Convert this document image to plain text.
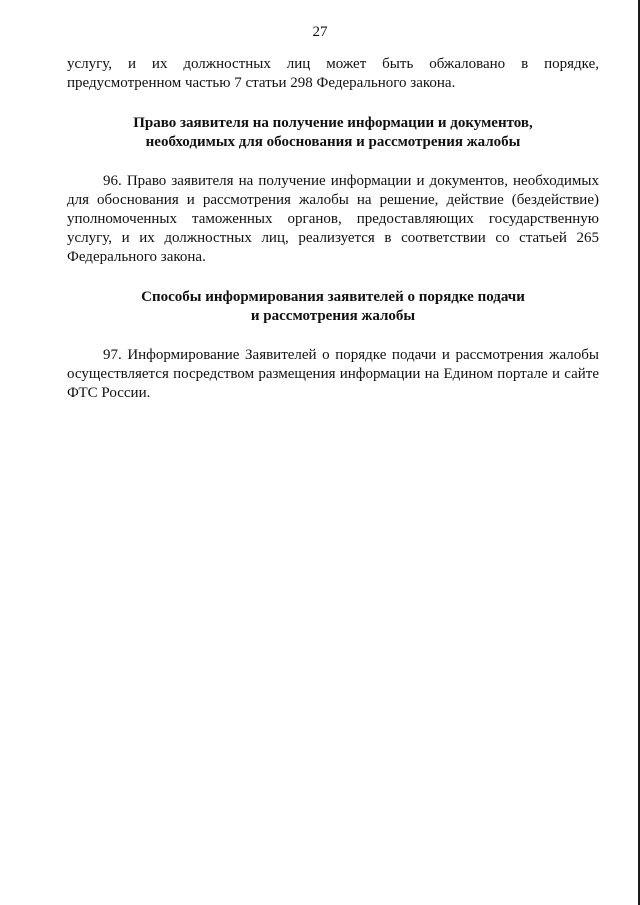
27

услугу, и их должностных лиц может быть обжаловано в порядке,
предусмотренном частью 7 статьи 298 Федерального закона.

Право заявителя на получение информации и документов,
необходимых для обоснования и рассмотрения жалобы

96. Право заявителя на получение информации и документов, необходимых
для обоснования и рассмотрения жалобы на решение, действие (бездействие)
уполномоченных таможенных органов, предоставляющих государственную
услугу, и их должностных лиц, реализуется в соответствии со статьей 265
Федерального закона.

Способы информирования заявителей о порядке подачи
и рассмотрения жалобы

97. Информирование Заявителей о порядке подачи и рассмотрения жалобы
осуществляется посредством размещения информации на Едином портале и сайте
ФТС России.
